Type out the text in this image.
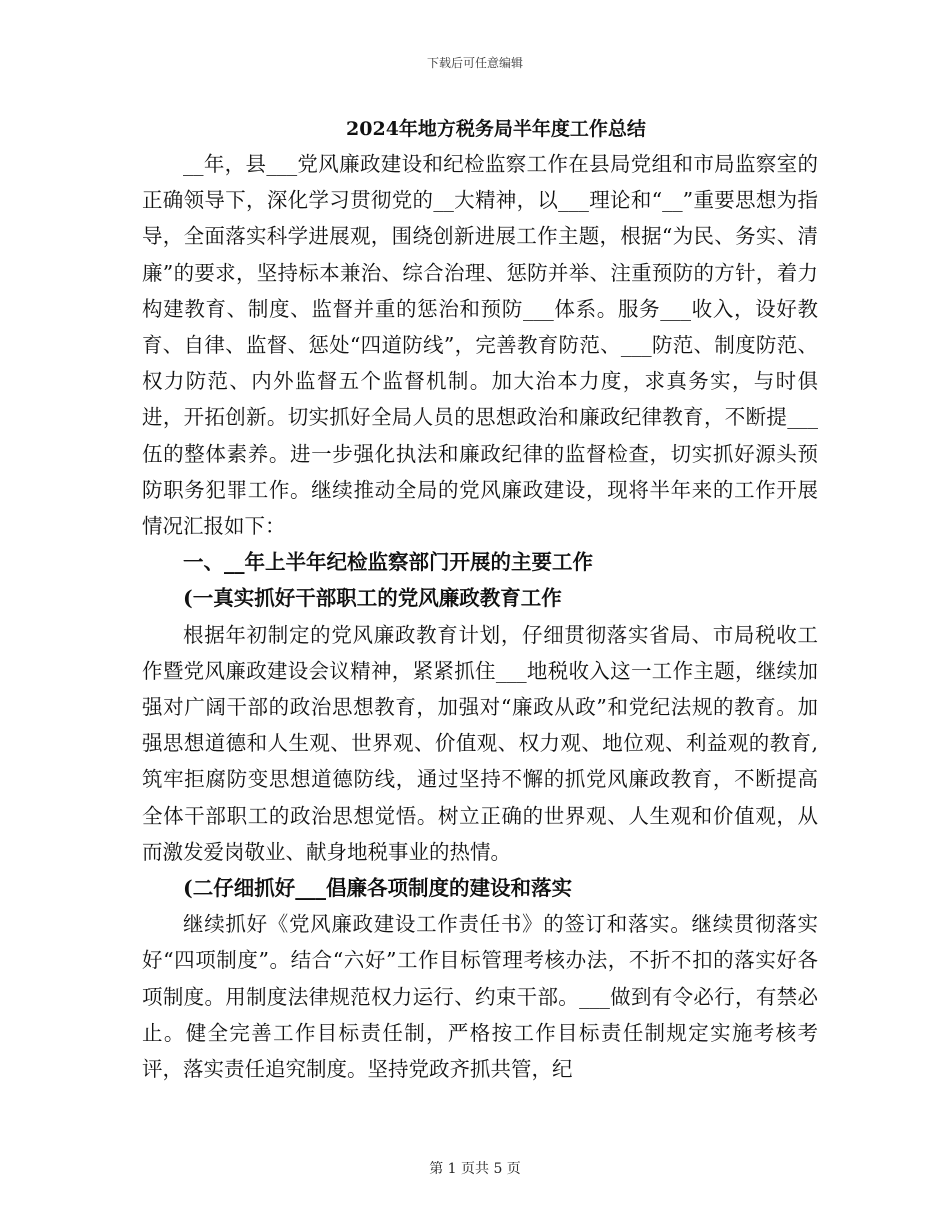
下载后可任意编辑
2024年地方税务局半年度工作总结

__年，县___党风廉政建设和纪检监察工作在县局党组和市局监察室的正确领导下，深化学习贯彻党的__大精神，以___理论和“__”重要思想为指导，全面落实科学进展观，围绕创新进展工作主题，根据“为民、务实、清廉”的要求，坚持标本兼治、综合治理、惩防并举、注重预防的方针，着力构建教育、制度、监督并重的惩治和预防___体系。服务___收入，设好教育、自律、监督、惩处“四道防线”，完善教育防范、___防范、制度防范、权力防范、内外监督五个监督机制。加大治本力度，求真务实，与时俱进，开拓创新。切实抓好全局人员的思想政治和廉政纪律教育，不断提___伍的整体素养。进一步强化执法和廉政纪律的监督检查，切实抓好源头预防职务犯罪工作。继续推动全局的党风廉政建设，现将半年来的工作开展情况汇报如下：

一、__年上半年纪检监察部门开展的主要工作

(一真实抓好干部职工的党风廉政教育工作

根据年初制定的党风廉政教育计划，仔细贯彻落实省局、市局税收工作暨党风廉政建设会议精神，紧紧抓住___地税收入这一工作主题，继续加强对广阔干部的政治思想教育，加强对“廉政从政”和党纪法规的教育。加强思想道德和人生观、世界观、价值观、权力观、地位观、利益观的教育,筑牢拒腐防变思想道德防线，通过坚持不懈的抓党风廉政教育，不断提高全体干部职工的政治思想觉悟。树立正确的世界观、人生观和价值观，从而激发爱岗敬业、献身地税事业的热情。

(二仔细抓好___倡廉各项制度的建设和落实

继续抓好《党风廉政建设工作责任书》的签订和落实。继续贯彻落实好“四项制度”。结合“六好”工作目标管理考核办法，不折不扣的落实好各项制度。用制度法律规范权力运行、约束干部。___做到有令必行，有禁必止。健全完善工作目标责任制，严格按工作目标责任制规定实施考核考评，落实责任追究制度。坚持党政齐抓共管，纪

第 1 页共 5 页
